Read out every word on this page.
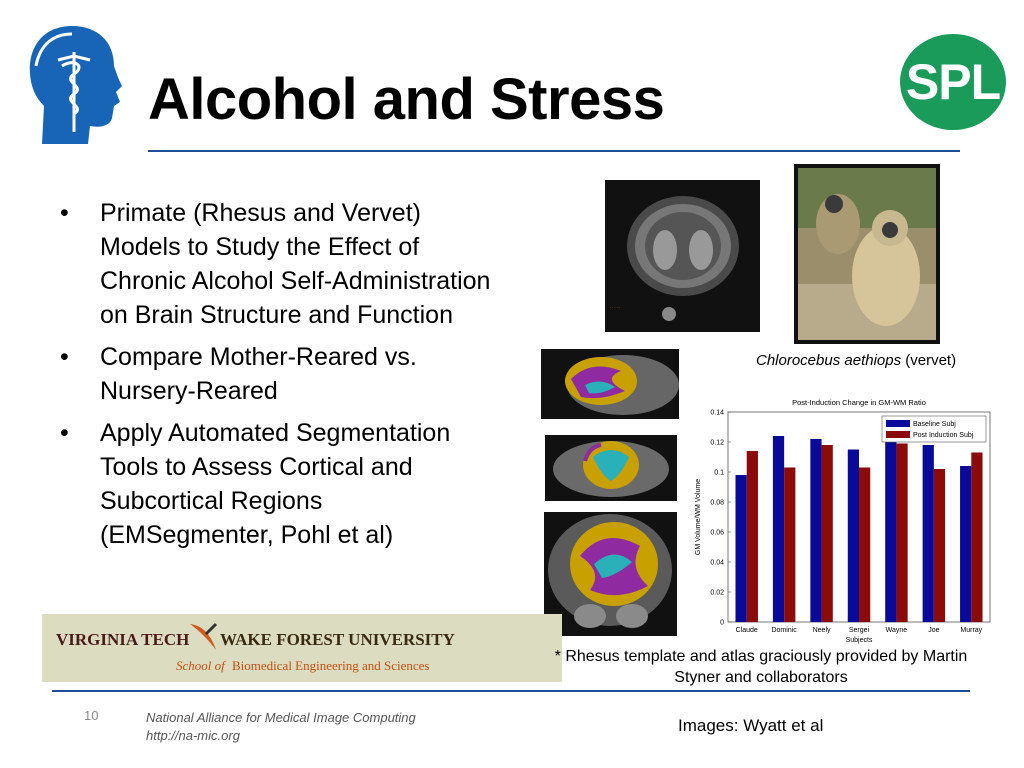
Alcohol and Stress	SPL
• Primate (Rhesus and Vervet) Models to Study the Effect of Chronic Alcohol Self-Administration on Brain Structure and Function
• Compare Mother-Reared vs. Nursery-Reared
• Apply Automated Segmentation Tools to Assess Cortical and Subcortical Regions (EMSegmenter, Pohl et al)
.....
Chlorocebus aethiops (vervet)
Post-Induction Change in GM-WM Ratio
0
0.02
0.04
0.06
0.08
0.1
0.12
0.14
Claude Dominic Neely	Sergei Wayne	Joe	Murray
Subjects
GM Volume/WM Volume
Baseline Subj
Post Induction Subj
VIRGINIA TECH WAKE FOREST UNIVERSITY
School of Biomedical Engineering and Sciences
* Rhesus template and atlas graciously provided by Martin Styner and collaborators
10	National Alliance for Medical Image Computing
http://na-mic.org
Images: Wyatt et al
